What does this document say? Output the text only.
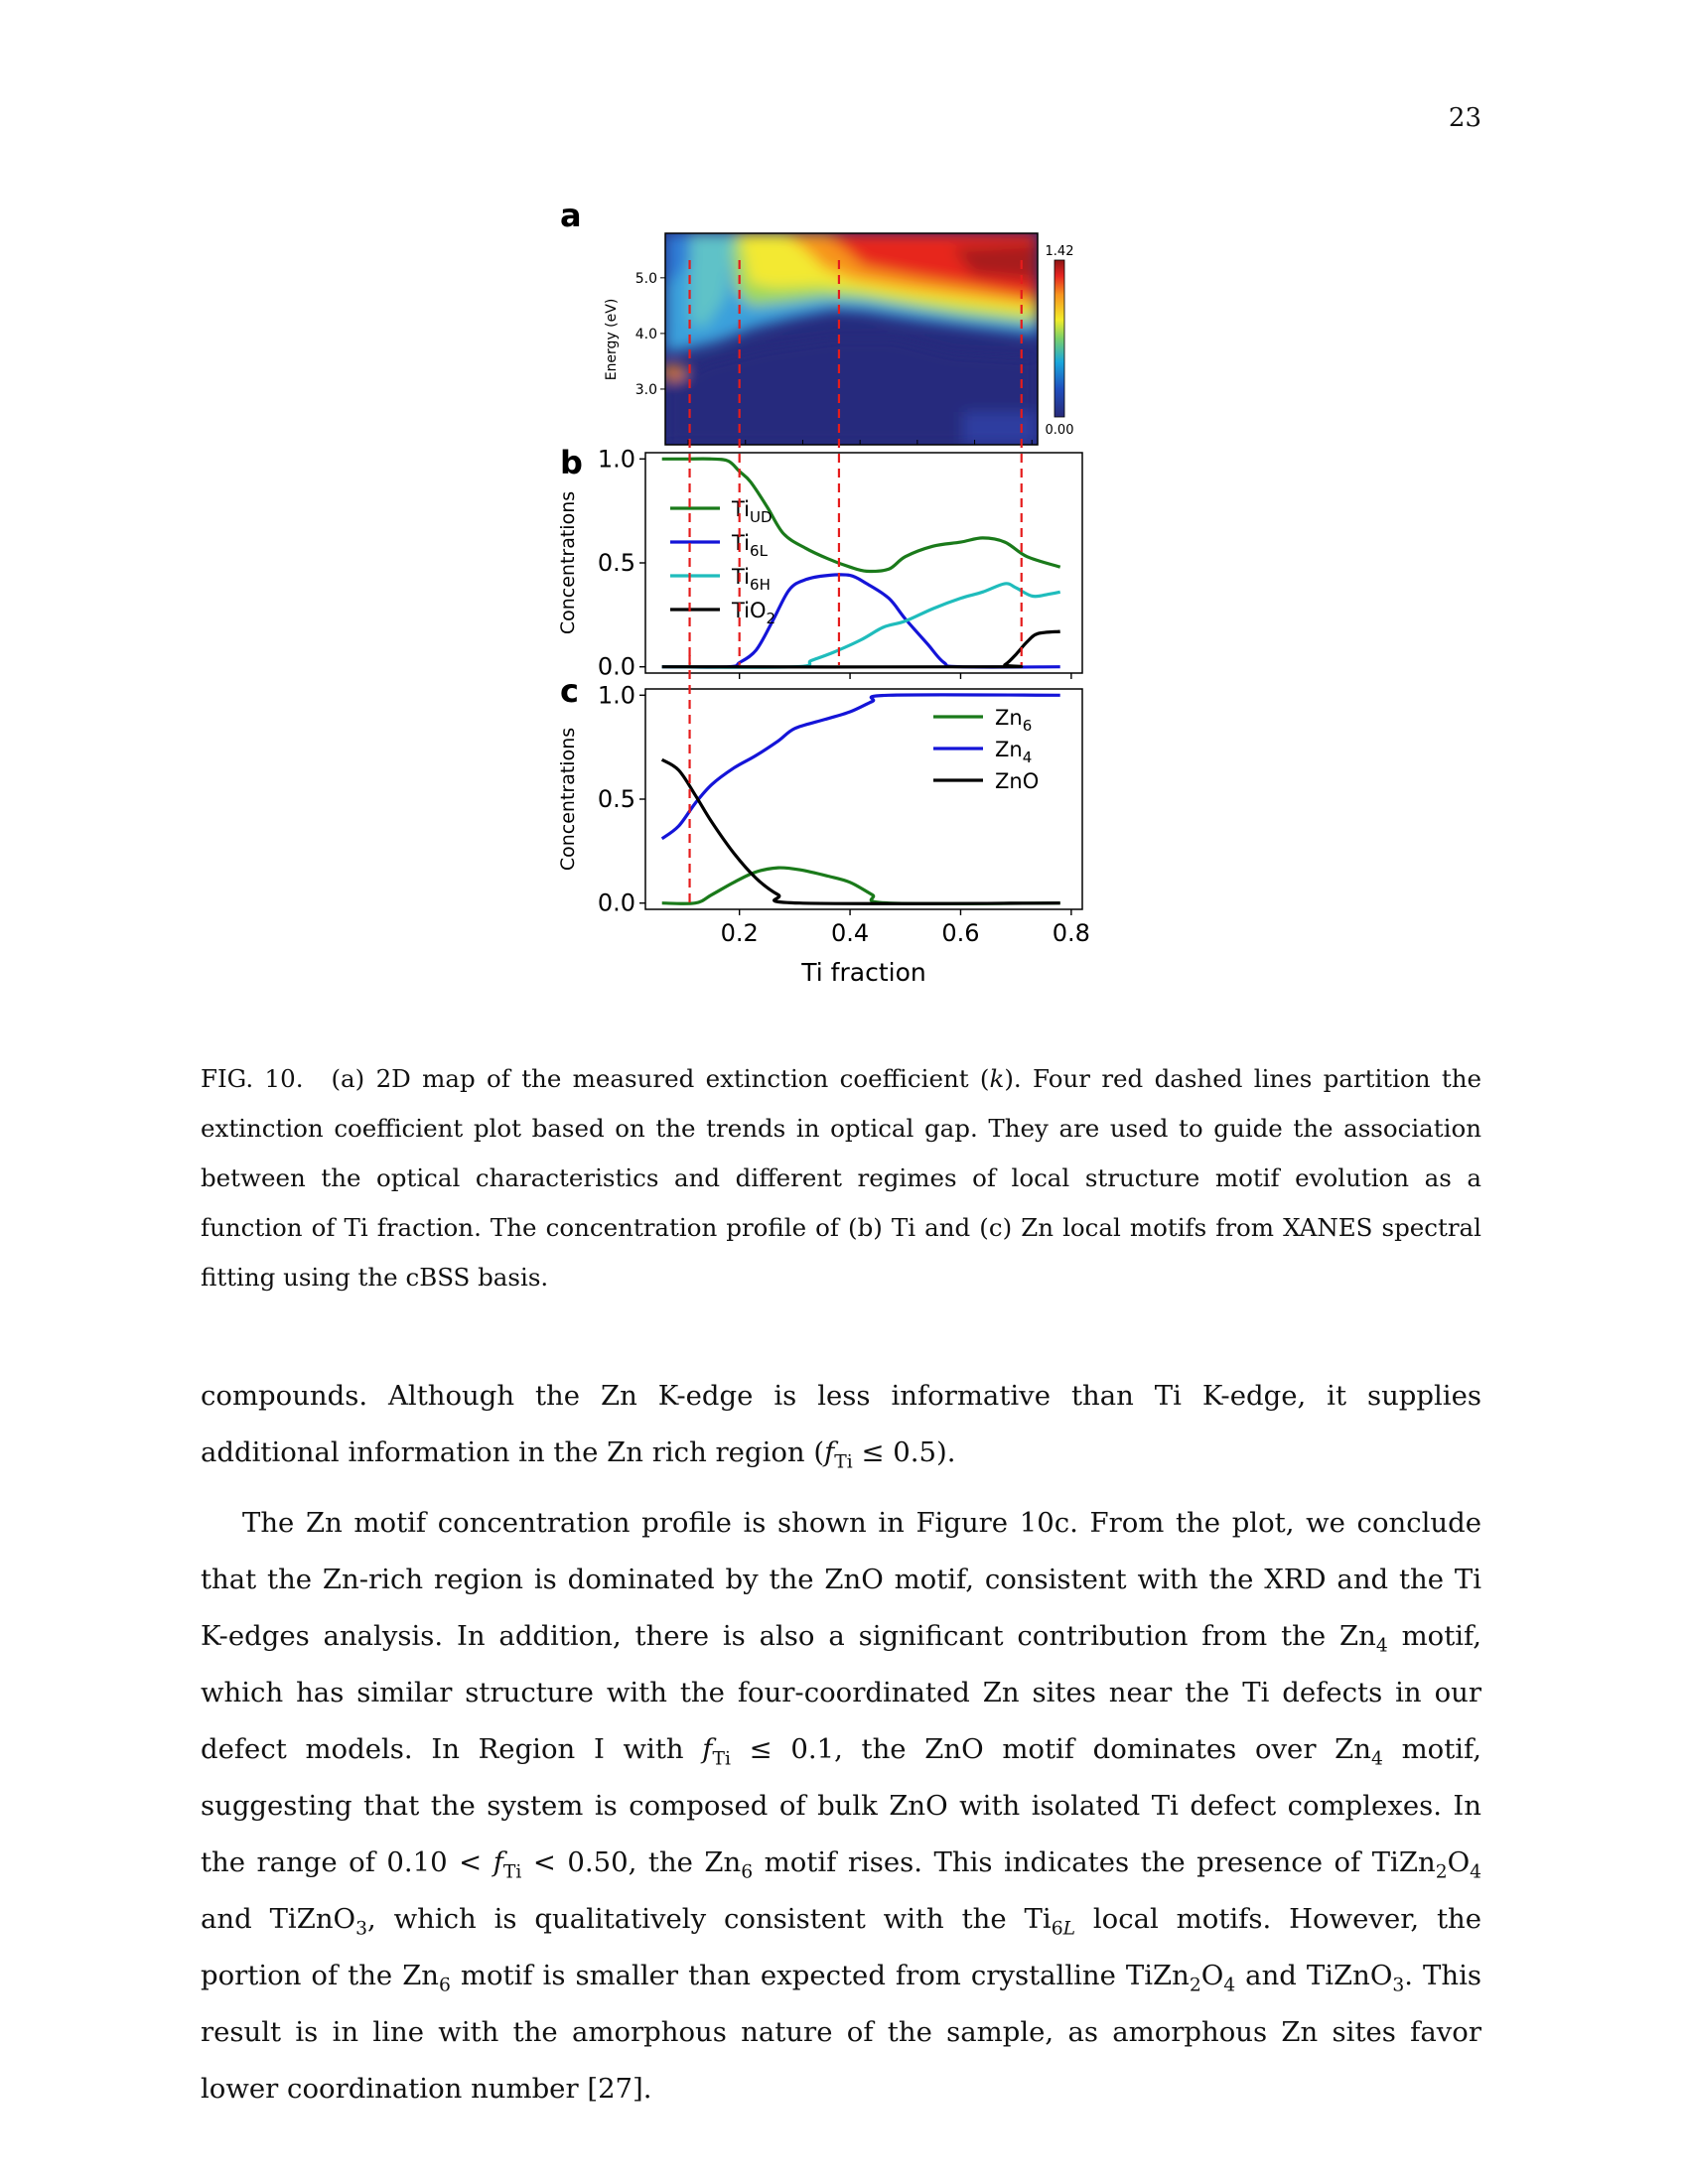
23
a
5.0
4.0
3.0
Energy (eV)
1.42
0.00
b
Concentrations
1.0
0.5
0.0
$Ti_{UD}$
$Ti_{6L}$
$Ti_{6H}$
TiO$_2$
c
Concentrations
1.0
0.5
0.0
0.2	0.4	0.6	0.8
$Zn_6$
$Zn_4$
ZnO
Ti fraction
FIG. 10. (a) 2D map of the measured extinction coefficient (k). Four red dashed lines partition the extinction coefficient plot based on the trends in optical gap. They are used to guide the association between the optical characteristics and different regimes of local structure motif evolution as a function of Ti fraction. The concentration profile of (b) Ti and (c) Zn local motifs from XANES spectral fitting using the cBSS basis.

compounds. Although the Zn K-edge is less informative than Ti K-edge, it supplies additional information in the Zn rich region $(f_{Ti} \le 0.5)$.

The Zn motif concentration profile is shown in Figure 10c. From the plot, we conclude that the Zn-rich region is dominated by the ZnO motif, consistent with the XRD and the Ti K-edges analysis. In addition, there is also a significant contribution from the $Zn_4$ motif, which has similar structure with the four-coordinated Zn sites near the Ti defects in our defect models. In Region I with $f_{Ti} \le 0.1$, the ZnO motif dominates over $Zn_4$ motif, suggesting that the system is composed of bulk ZnO with isolated Ti defect complexes. In the range of $0.10 < f_{Ti} < 0.50$, the $Zn_6$ motif rises. This indicates the presence of $TiZn_2O_4$ and TiZnO$_3$, which is qualitatively consistent with the $Ti_{6L}$ local motifs. However, the portion of the $Zn_6$ motif is smaller than expected from crystalline $TiZn_2O_4$ and TiZnO$_3$. This result is in line with the amorphous nature of the sample, as amorphous Zn sites favor lower coordination number [27].
